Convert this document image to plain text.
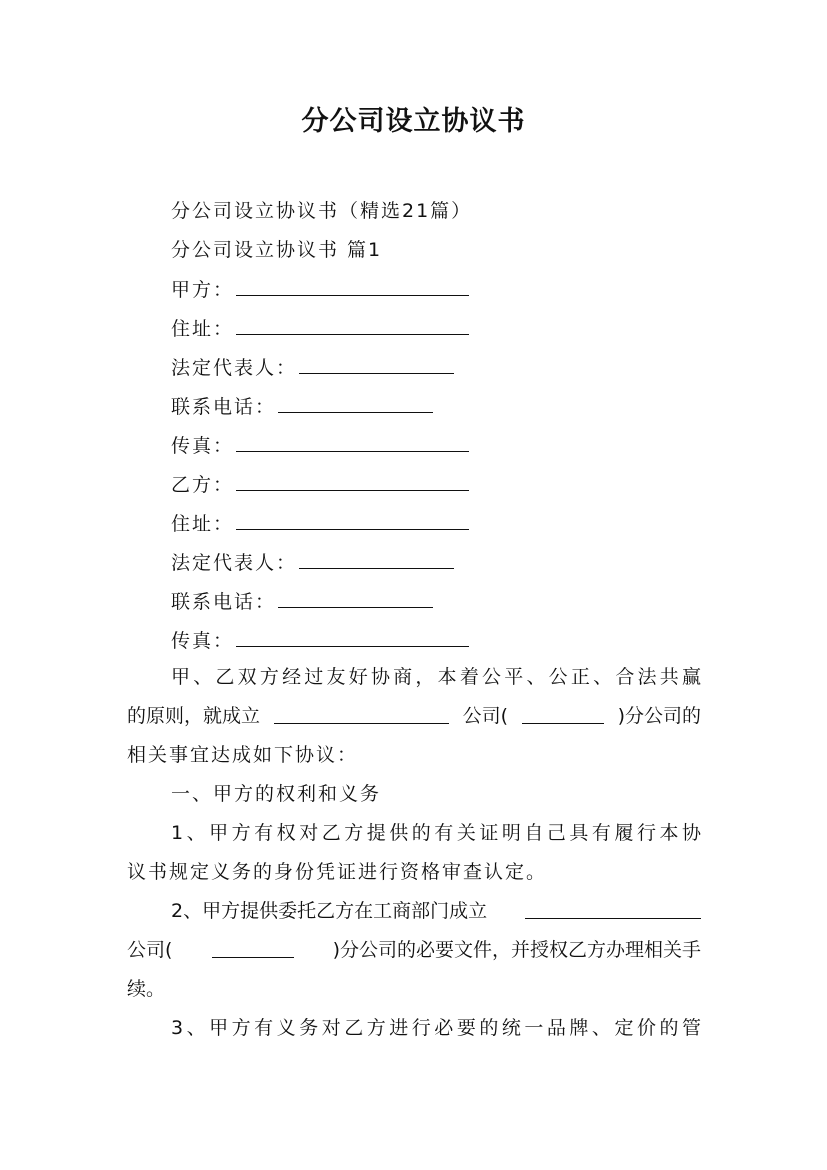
分公司设立协议书
分公司设立协议书（精选21篇）
分公司设立协议书 篇1
甲方：
住址：
法定代表人：
联系电话：
传真：
乙方：
住址：
法定代表人：
联系电话：
传真：
甲、乙双方经过友好协商，本着公平、公正、合法共赢
的原则，就成立	公司(	)分公司的
相关事宜达成如下协议：
一、甲方的权利和义务
1、甲方有权对乙方提供的有关证明自己具有履行本协
议书规定义务的身份凭证进行资格审查认定。
2、甲方提供委托乙方在工商部门成立
公司(	)分公司的必要文件，并授权乙方办理相关手
续。
3、甲方有义务对乙方进行必要的统一品牌、定价的管
